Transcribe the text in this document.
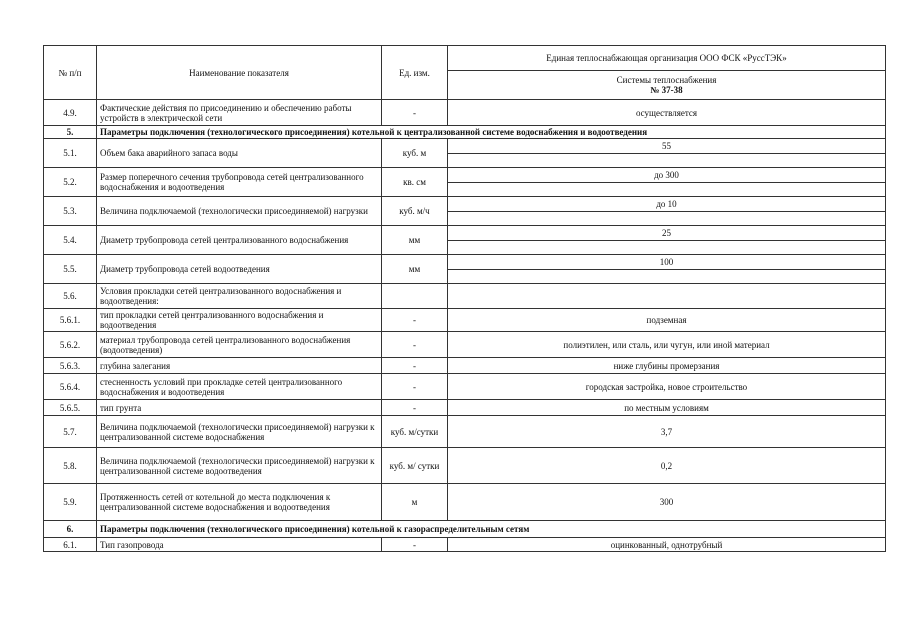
№ п/п	Наименование показателя	Ед. изм.	Единая теплоснабжающая организация ООО ФСК «РуссТЭК»

			Системы теплоснабжения
№ 37-38

4.9.	Фактические действия по присоединению и обеспечению работы устройств в электрической сети	-	осуществляется
5.	Параметры подключения (технологического присоединения) котельной к централизованной системе водоснабжения и водоотведения		
5.1.	Объем бака аварийного запаса воды	куб. м	55

5.2.	Размер поперечного сечения трубопровода сетей централизованного водоснабжения и водоотведения	кв. см	до 300

5.3.	Величина подключаемой (технологически присоединяемой) нагрузки	куб. м/ч	до 10

5.4.	Диаметр трубопровода сетей централизованного водоснабжения	мм	25

5.5.	Диаметр трубопровода сетей водоотведения	мм	100

5.6.	Условия прокладки сетей централизованного водоснабжения и водоотведения:		
5.6.1.	тип прокладки сетей централизованного водоснабжения и водоотведения	-	подземная
5.6.2.	материал трубопровода сетей централизованного водоснабжения (водоотведения)	-	полиэтилен, или сталь, или чугун, или иной материал
5.6.3.	глубина залегания	-	ниже глубины промерзания
5.6.4.	стесненность условий при прокладке сетей централизованного водоснабжения и водоотведения	-	городская застройка, новое строительство
5.6.5.	тип грунта	-	по местным условиям
5.7.	Величина подключаемой (технологически присоединяемой) нагрузки к централизованной системе водоснабжения	куб. м/сутки	3,7
5.8.	Величина подключаемой (технологически присоединяемой) нагрузки к централизованной системе водоотведения	куб. м/ сутки	0,2
5.9.	Протяженность сетей от котельной до места подключения к централизованной системе водоснабжения и водоотведения	м	300
6.	Параметры подключения (технологического присоединения) котельной к газораспределительным сетям		
6.1.	Тип газопровода	-	оцинкованный, однотрубный
